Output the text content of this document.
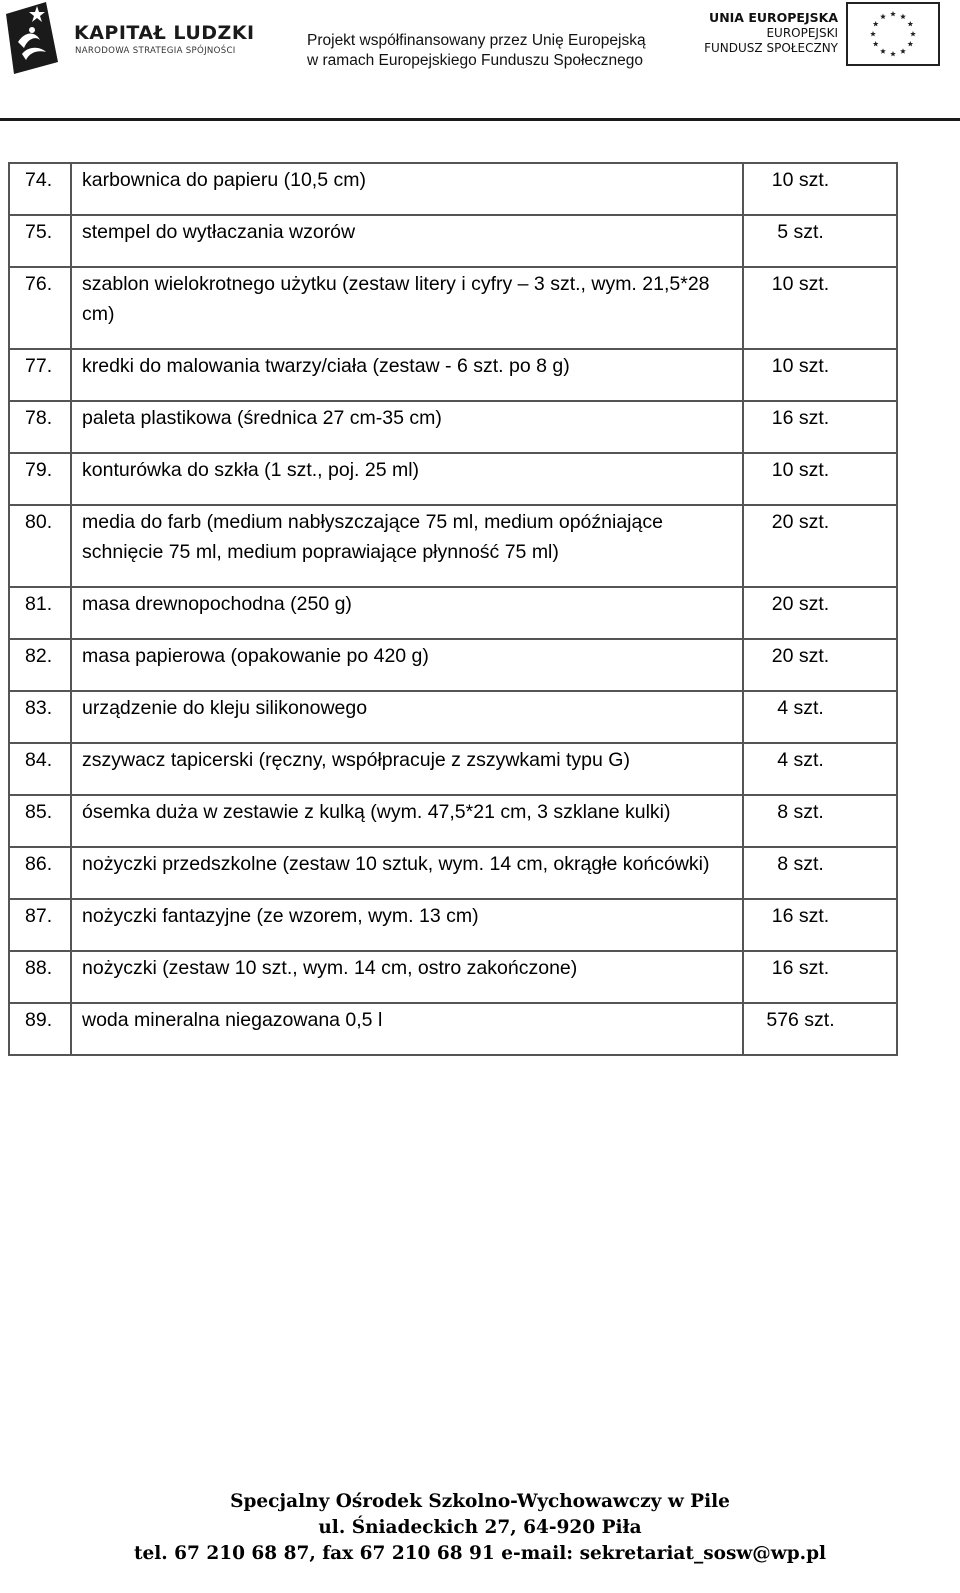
KAPITAŁ LUDZKI
NARODOWA STRATEGIA SPÓJNOŚCI
Projekt współfinansowany przez Unię Europejską
w ramach Europejskiego Funduszu Społecznego
UNIA EUROPEJSKA
EUROPEJSKI
FUNDUSZ SPOŁECZNY
74.	karbownica do papieru (10,5 cm)	10 szt.
75.	stempel do wytłaczania wzorów	5 szt.
76.	szablon wielokrotnego użytku (zestaw litery i cyfry – 3 szt., wym. 21,5*28 cm)	10 szt.
77.	kredki do malowania twarzy/ciała (zestaw - 6 szt. po 8 g)	10 szt.
78.	paleta plastikowa (średnica 27 cm-35 cm)	16 szt.
79.	konturówka do szkła (1 szt., poj. 25 ml)	10 szt.
80.	media do farb (medium nabłyszczające 75 ml, medium opóźniające schnięcie 75 ml, medium poprawiające płynność 75 ml)	20 szt.
81.	masa drewnopochodna (250 g)	20 szt.
82.	masa papierowa (opakowanie po 420 g)	20 szt.
83.	urządzenie do kleju silikonowego	4 szt.
84.	zszywacz tapicerski (ręczny, współpracuje z zszywkami typu G)	4 szt.
85.	ósemka duża w zestawie z kulką (wym. 47,5*21 cm, 3 szklane kulki)	8 szt.
86.	nożyczki przedszkolne (zestaw 10 sztuk, wym. 14 cm, okrągłe końcówki)	8 szt.
87.	nożyczki fantazyjne (ze wzorem, wym. 13 cm)	16 szt.
88.	nożyczki (zestaw 10 szt., wym. 14 cm, ostro zakończone)	16 szt.
89.	woda mineralna niegazowana 0,5 l	576 szt.
Specjalny Ośrodek Szkolno-Wychowawczy w Pile
ul. Śniadeckich 27, 64-920 Piła
tel. 67 210 68 87, fax 67 210 68 91 e-mail: sekretariat_sosw@wp.pl
